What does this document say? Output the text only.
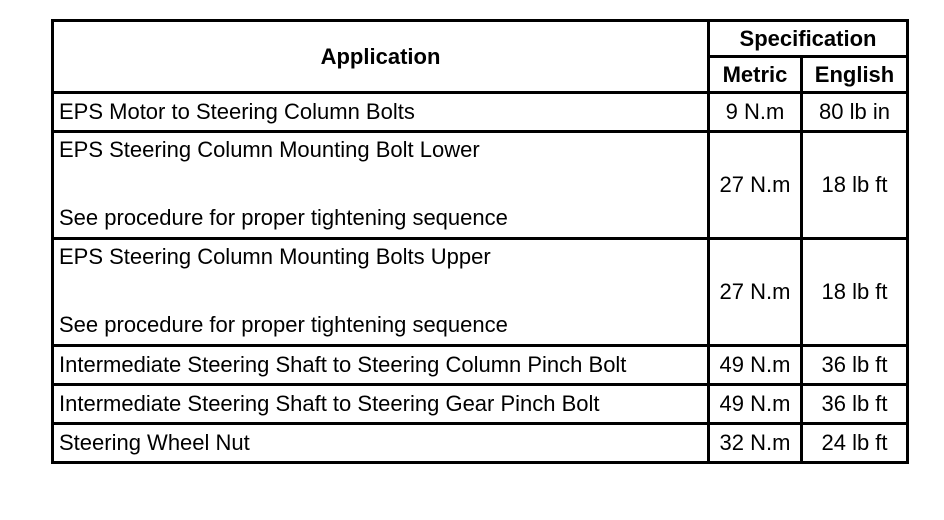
Application	Specification	
	Metric	English
EPS Motor to Steering Column Bolts	9 N.m	80 lb in

EPS Steering Column Mounting Bolt Lower
See procedure for proper tightening sequence	27 N.m	18 lb ft

EPS Steering Column Mounting Bolts Upper
See procedure for proper tightening sequence	27 N.m	18 lb ft
Intermediate Steering Shaft to Steering Column Pinch Bolt	49 N.m	36 lb ft
Intermediate Steering Shaft to Steering Gear Pinch Bolt	49 N.m	36 lb ft
Steering Wheel Nut	32 N.m	24 lb ft
